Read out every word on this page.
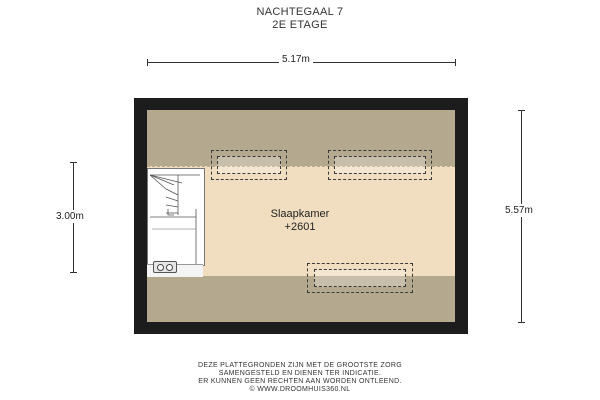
NACHTEGAAL 7
2E ETAGE
5.17m
5.57m
3.00m	Slaapkamer
+2601
DEZE PLATTEGRONDEN ZIJN MET DE GROOTSTE ZORG
SAMENGESTELD EN DIENEN TER INDICATIE.
ER KUNNEN GEEN RECHTEN AAN WORDEN ONTLEEND.
© WWW.DROOMHUIS360.NL
